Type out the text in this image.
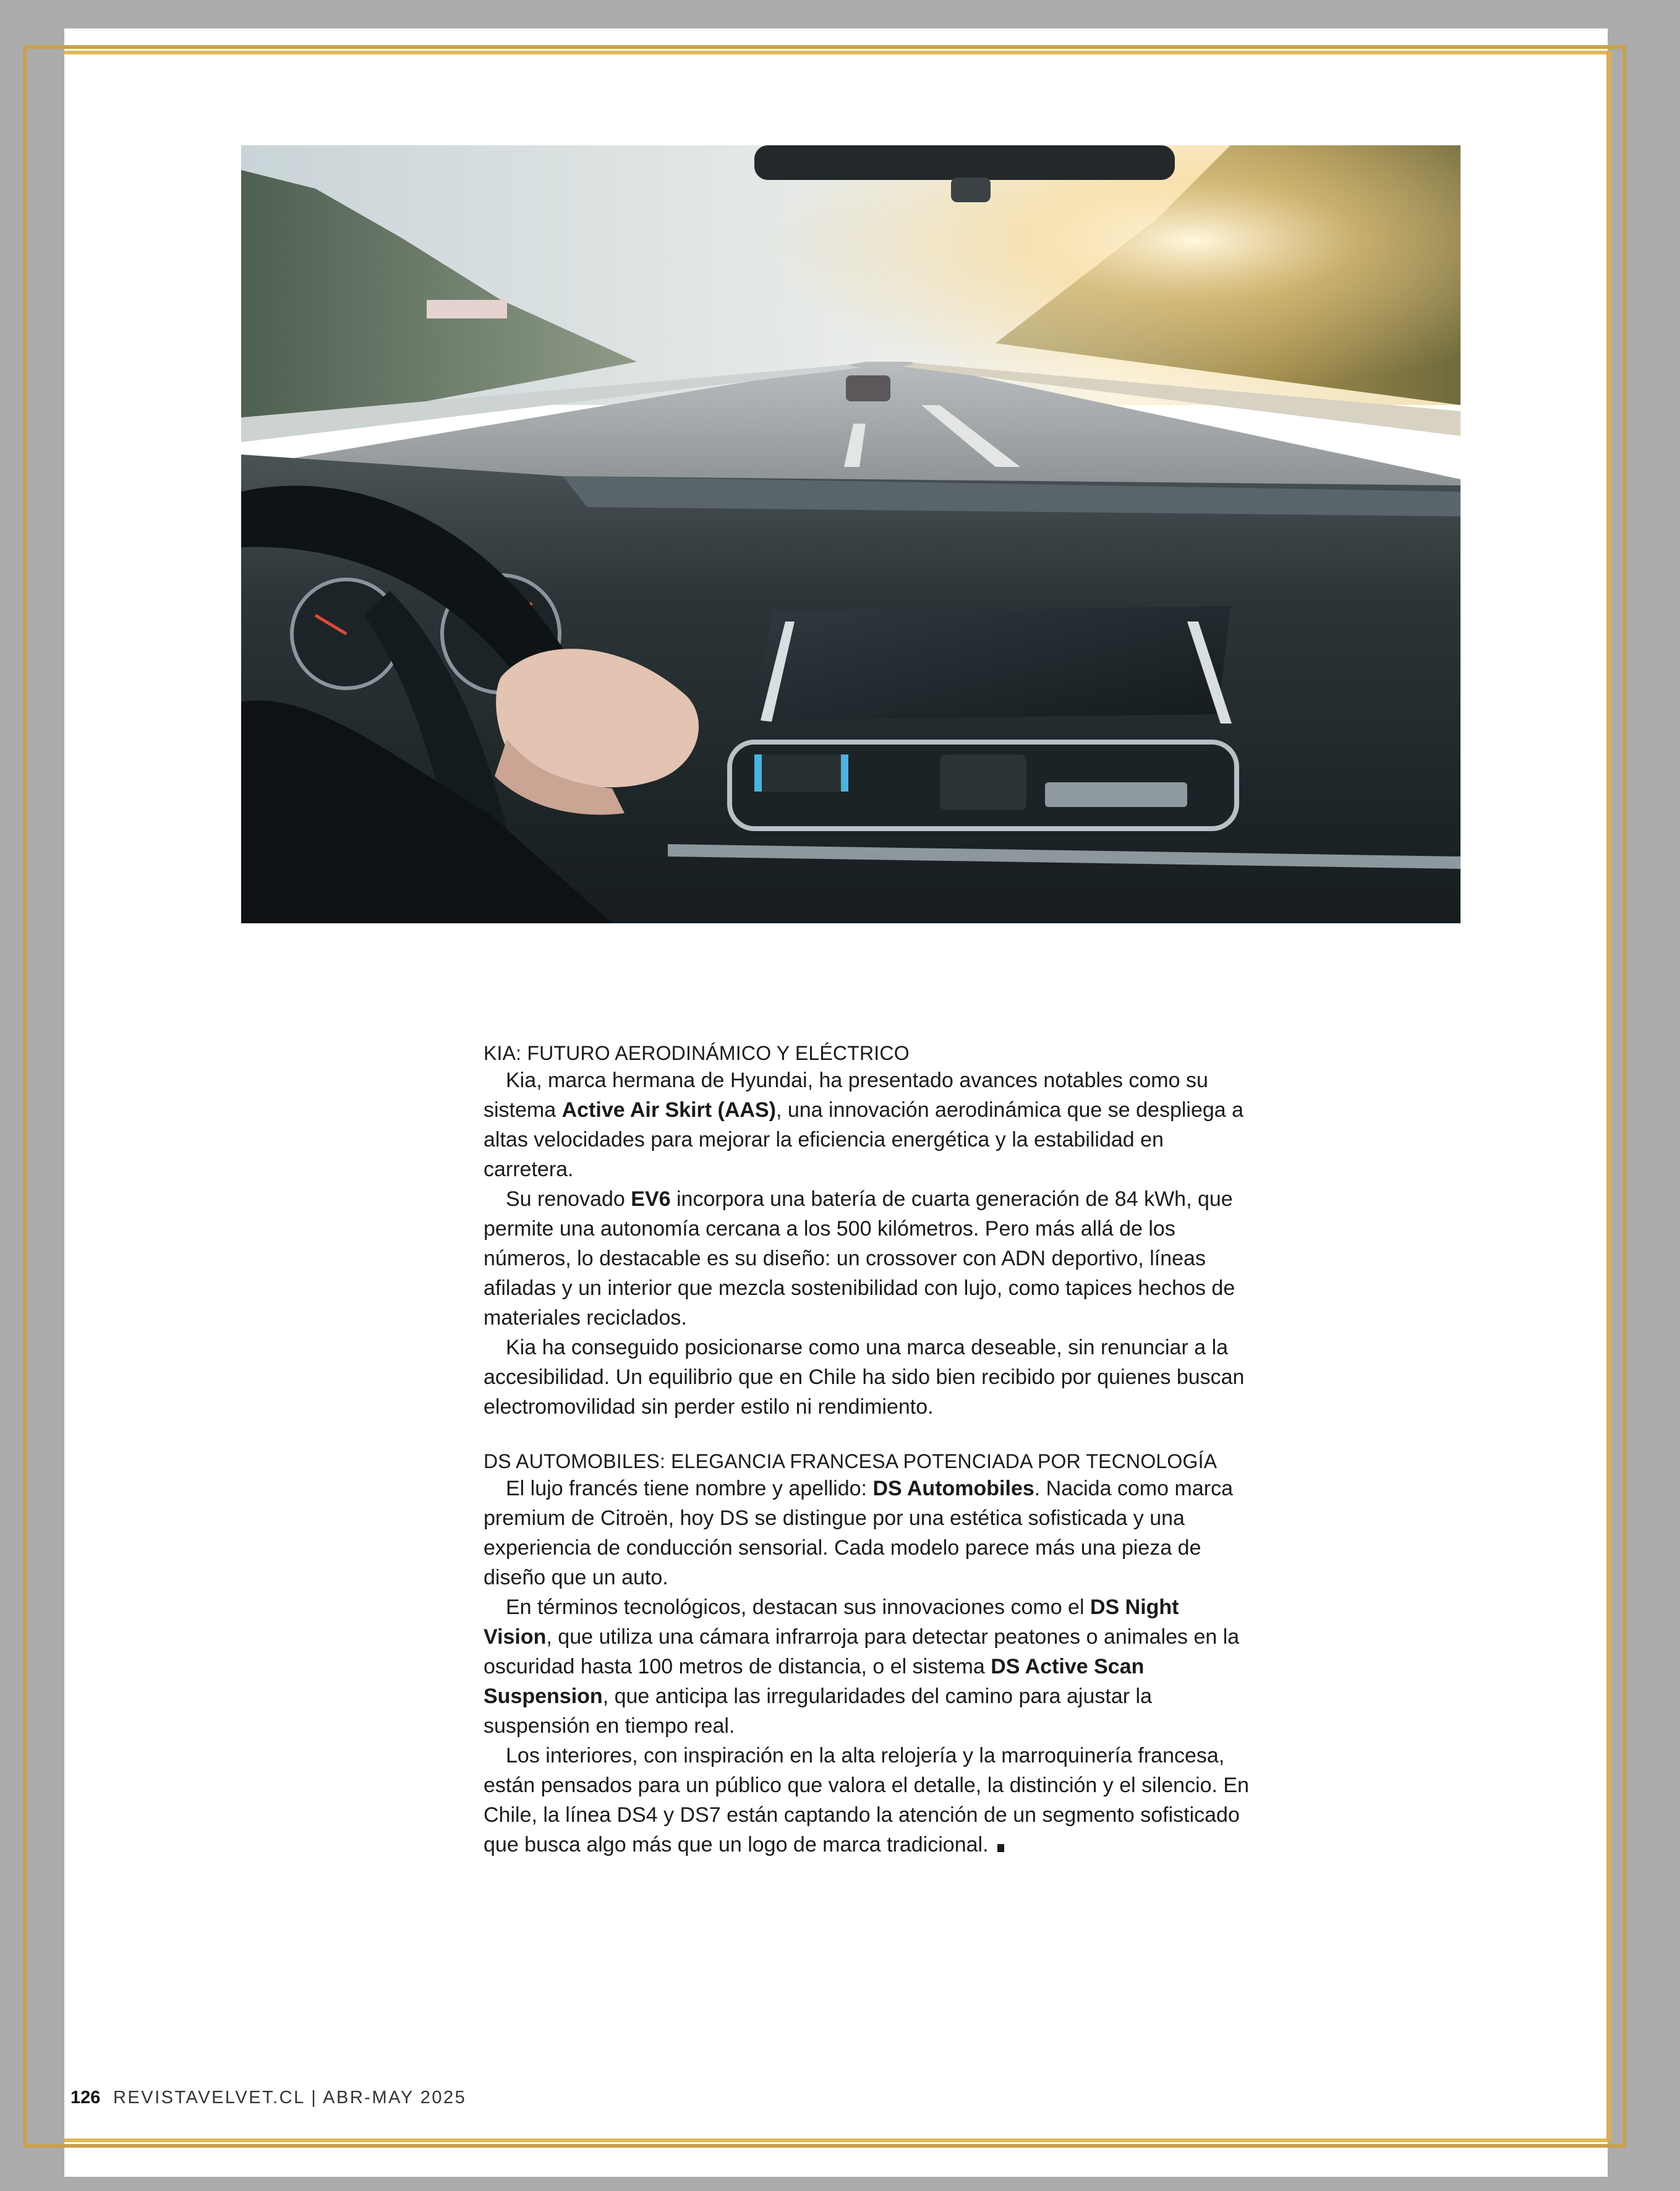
KIA: FUTURO AERODINÁMICO Y ELÉCTRICO

Kia, marca hermana de Hyundai, ha presentado avances notables como su sistema Active Air Skirt (AAS), una innovación aerodinámica que se despliega a altas velocidades para mejorar la eficiencia energética y la estabilidad en carretera.

Su renovado EV6 incorpora una batería de cuarta generación de 84 kWh, que permite una autonomía cercana a los 500 kilómetros. Pero más allá de los números, lo destacable es su diseño: un crossover con ADN deportivo, líneas afiladas y un interior que mezcla sostenibilidad con lujo, como tapices hechos de materiales reciclados.

Kia ha conseguido posicionarse como una marca deseable, sin renunciar a la accesibilidad. Un equilibrio que en Chile ha sido bien recibido por quienes buscan electromovilidad sin perder estilo ni rendimiento.

DS AUTOMOBILES: ELEGANCIA FRANCESA POTENCIADA POR TECNOLOGÍA

El lujo francés tiene nombre y apellido: DS Automobiles. Nacida como marca premium de Citroën, hoy DS se distingue por una estética sofisticada y una experiencia de conducción sensorial. Cada modelo parece más una pieza de diseño que un auto.

En términos tecnológicos, destacan sus innovaciones como el DS Night Vision, que utiliza una cámara infrarroja para detectar peatones o animales en la oscuridad hasta 100 metros de distancia, o el sistema DS Active Scan Suspension, que anticipa las irregularidades del camino para ajustar la suspensión en tiempo real.

Los interiores, con inspiración en la alta relojería y la marroquinería francesa, están pensados para un público que valora el detalle, la distinción y el silencio. En Chile, la línea DS4 y DS7 están captando la atención de un segmento sofisticado que busca algo más que un logo de marca tradicional.

126 REVISTAVELVET.CL | ABR-MAY 2025
